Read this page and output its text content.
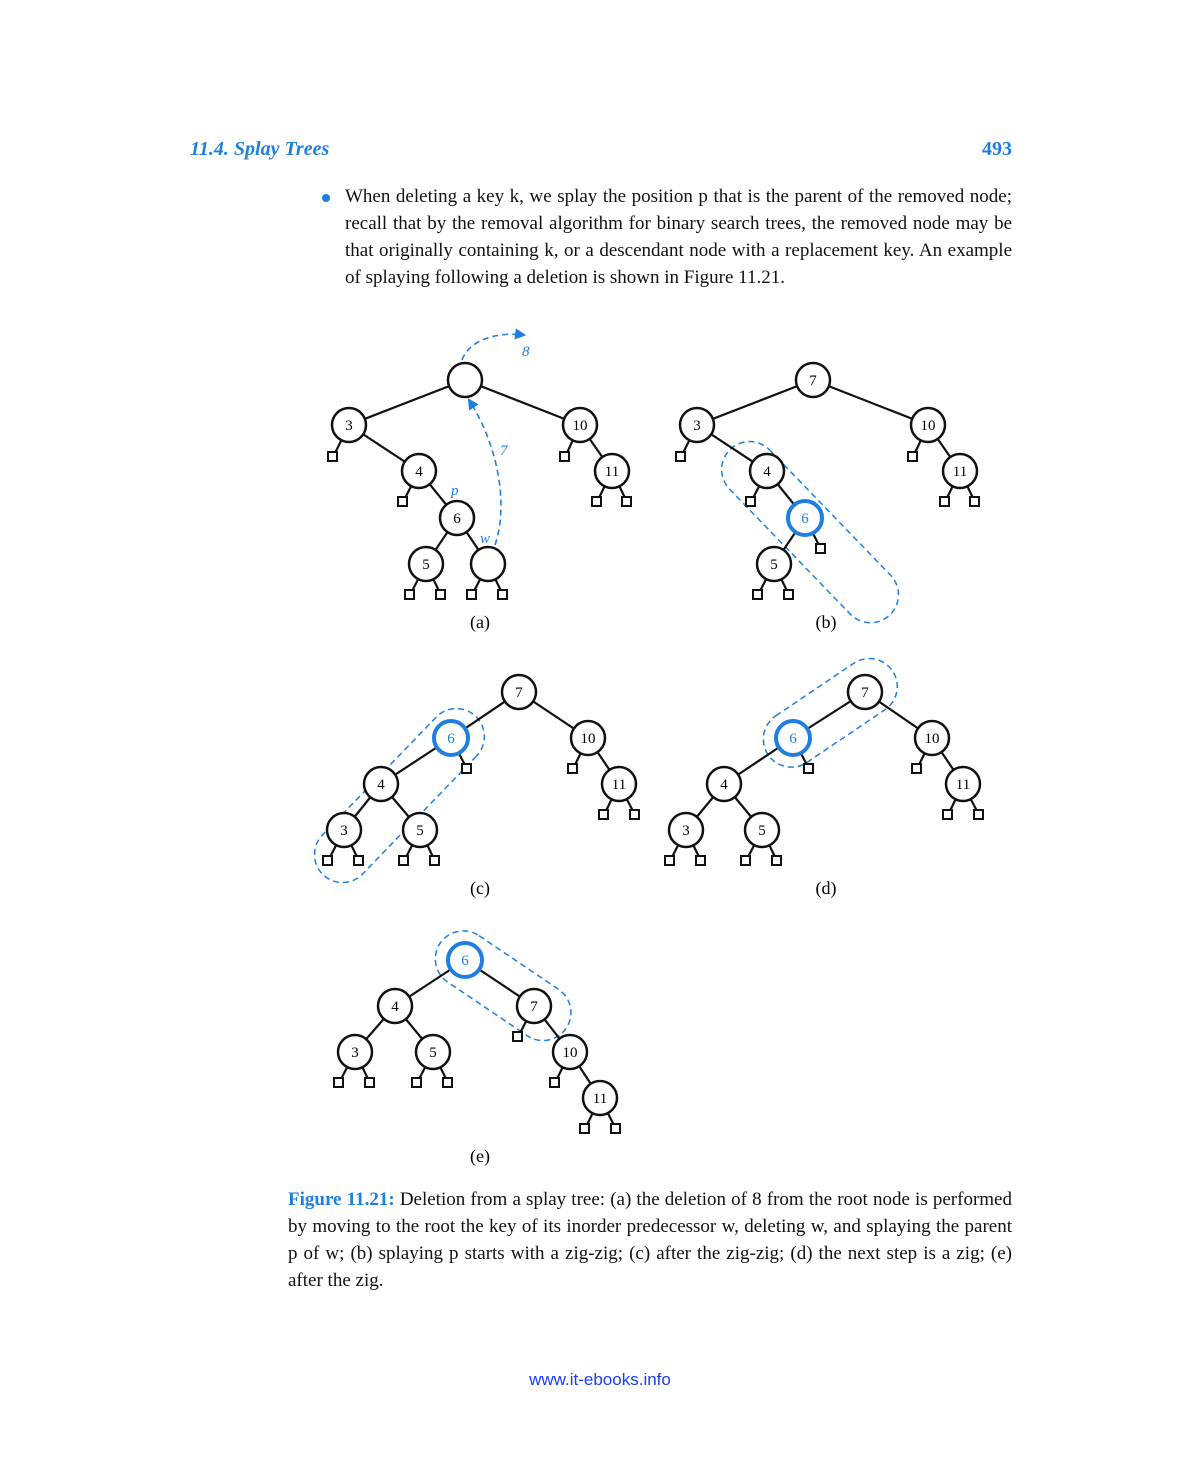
11.4. Splay Trees	493
When deleting a key k, we splay the position p that is the parent of the removed node; recall that by the removal algorithm for binary search trees, the removed node may be that originally containing k, or a descendant node with a replacement key. An example of splaying following a deletion is shown in Figure 11.21.
3	10
4	11
6
5
8
7
p
w
(a)
7
3	10
4	11
6
5
(b)
7
6	10
4	11
3	5
(c)
7
6	10
4	11
3	5
(d)
6
4	7
3	5	10
11
(e)
Figure 11.21: Deletion from a splay tree: (a) the deletion of 8 from the root node is performed by moving to the root the key of its inorder predecessor w, deleting w, and splaying the parent p of w; (b) splaying p starts with a zig-zig; (c) after the zig-zig; (d) the next step is a zig; (e) after the zig.
www.it-ebooks.info
